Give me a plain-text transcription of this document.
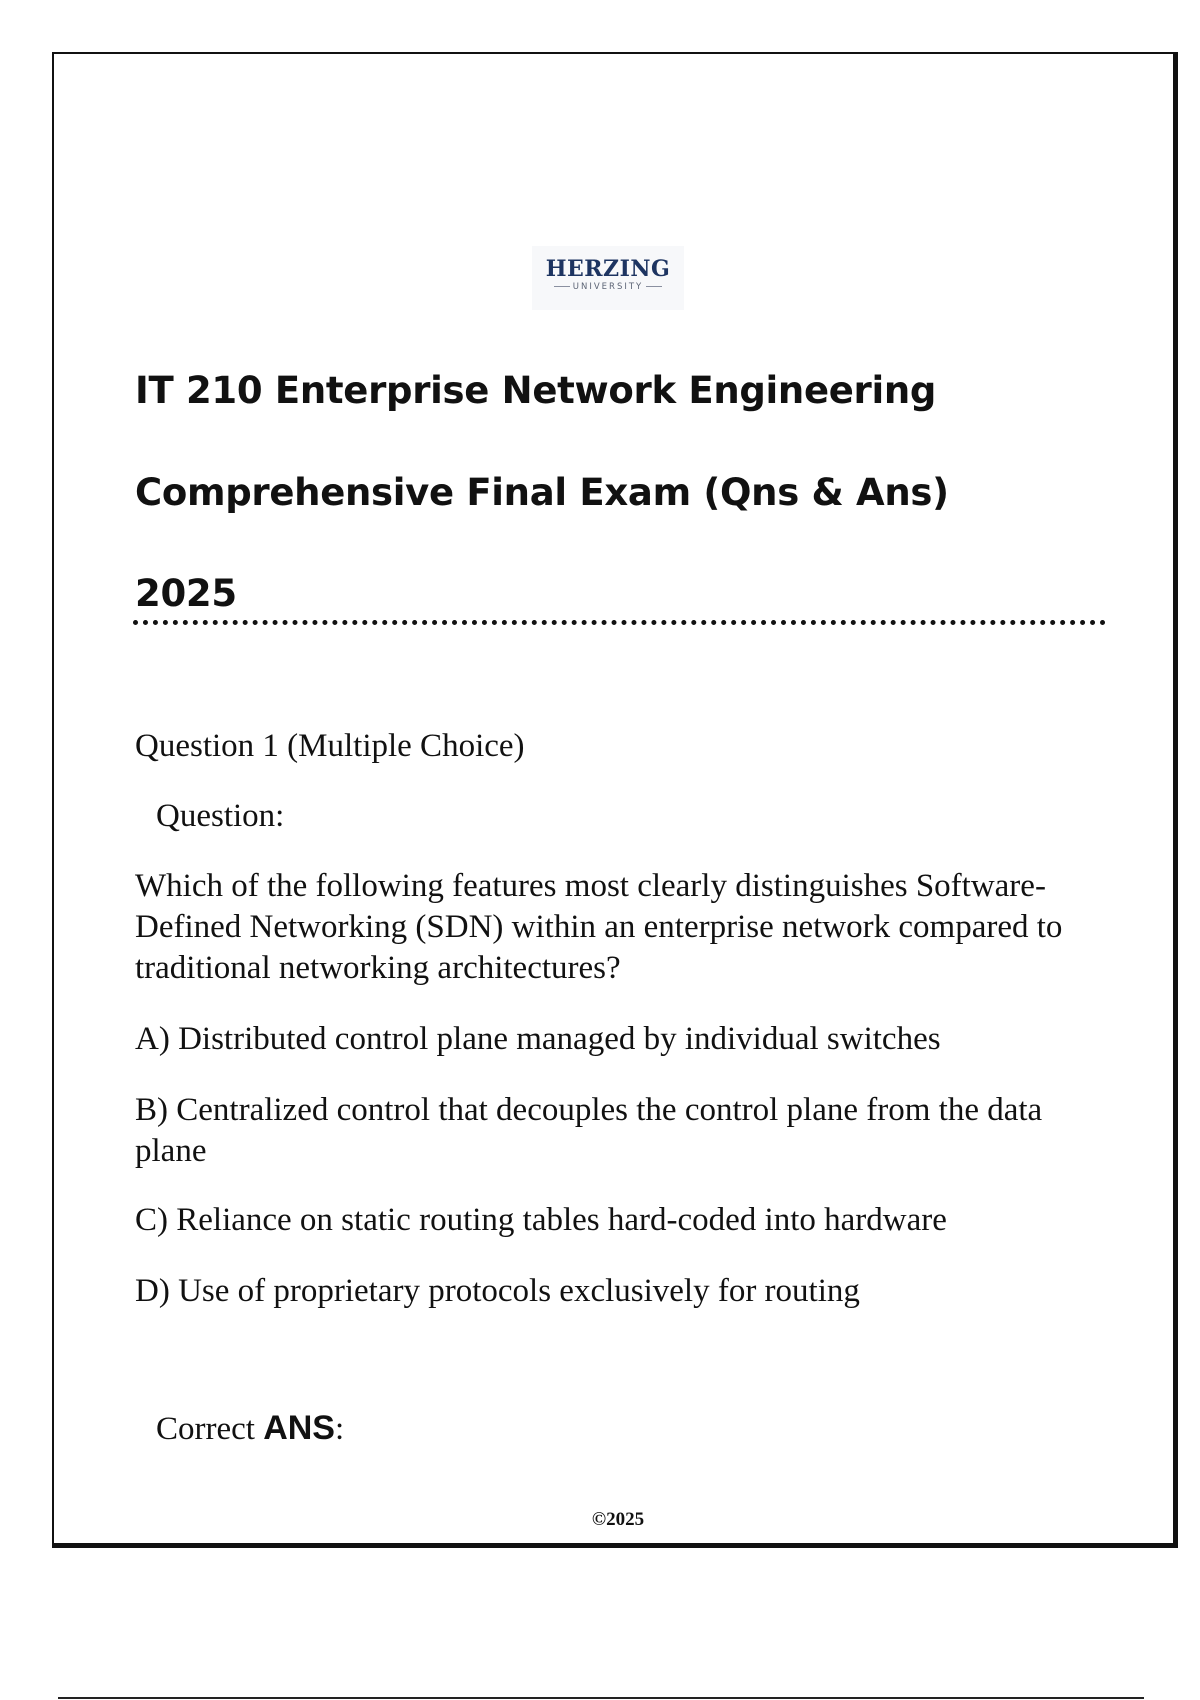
HERZING
UNIVERSITY
IT 210 Enterprise Network Engineering
Comprehensive Final Exam (Qns & Ans)
2025
Question 1 (Multiple Choice)
Question:
Which of the following features most clearly distinguishes Software-Defined Networking (SDN) within an enterprise network compared to traditional networking architectures?
A) Distributed control plane managed by individual switches
B) Centralized control that decouples the control plane from the data plane
C) Reliance on static routing tables hard-coded into hardware
D) Use of proprietary protocols exclusively for routing
Correct ANS:
©2025
